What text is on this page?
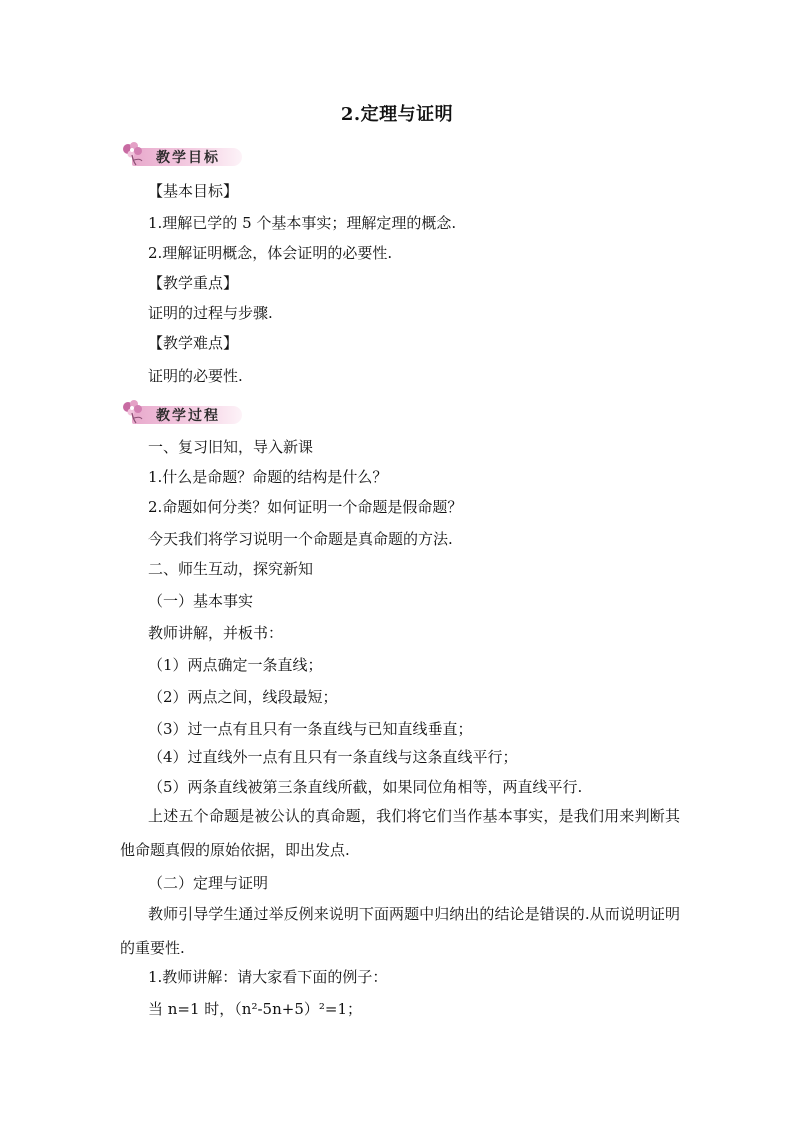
2.定理与证明
教学目标
【基本目标】
1.理解已学的 5 个基本事实；理解定理的概念.
2.理解证明概念，体会证明的必要性.
【教学重点】
证明的过程与步骤.
【教学难点】
证明的必要性.
教学过程
一、复习旧知，导入新课
1.什么是命题？命题的结构是什么？
2.命题如何分类？如何证明一个命题是假命题？
今天我们将学习说明一个命题是真命题的方法.
二、师生互动，探究新知
（一）基本事实
教师讲解，并板书：
（1）两点确定一条直线；
（2）两点之间，线段最短；
（3）过一点有且只有一条直线与已知直线垂直；
（4）过直线外一点有且只有一条直线与这条直线平行；
（5）两条直线被第三条直线所截，如果同位角相等，两直线平行.
上述五个命题是被公认的真命题，我们将它们当作基本事实，是我们用来判断其他命题真假的原始依据，即出发点.
（二）定理与证明
教师引导学生通过举反例来说明下面两题中归纳出的结论是错误的.从而说明证明的重要性.
1.教师讲解：请大家看下面的例子：
当 n=1 时，（n²-5n+5）²=1；
